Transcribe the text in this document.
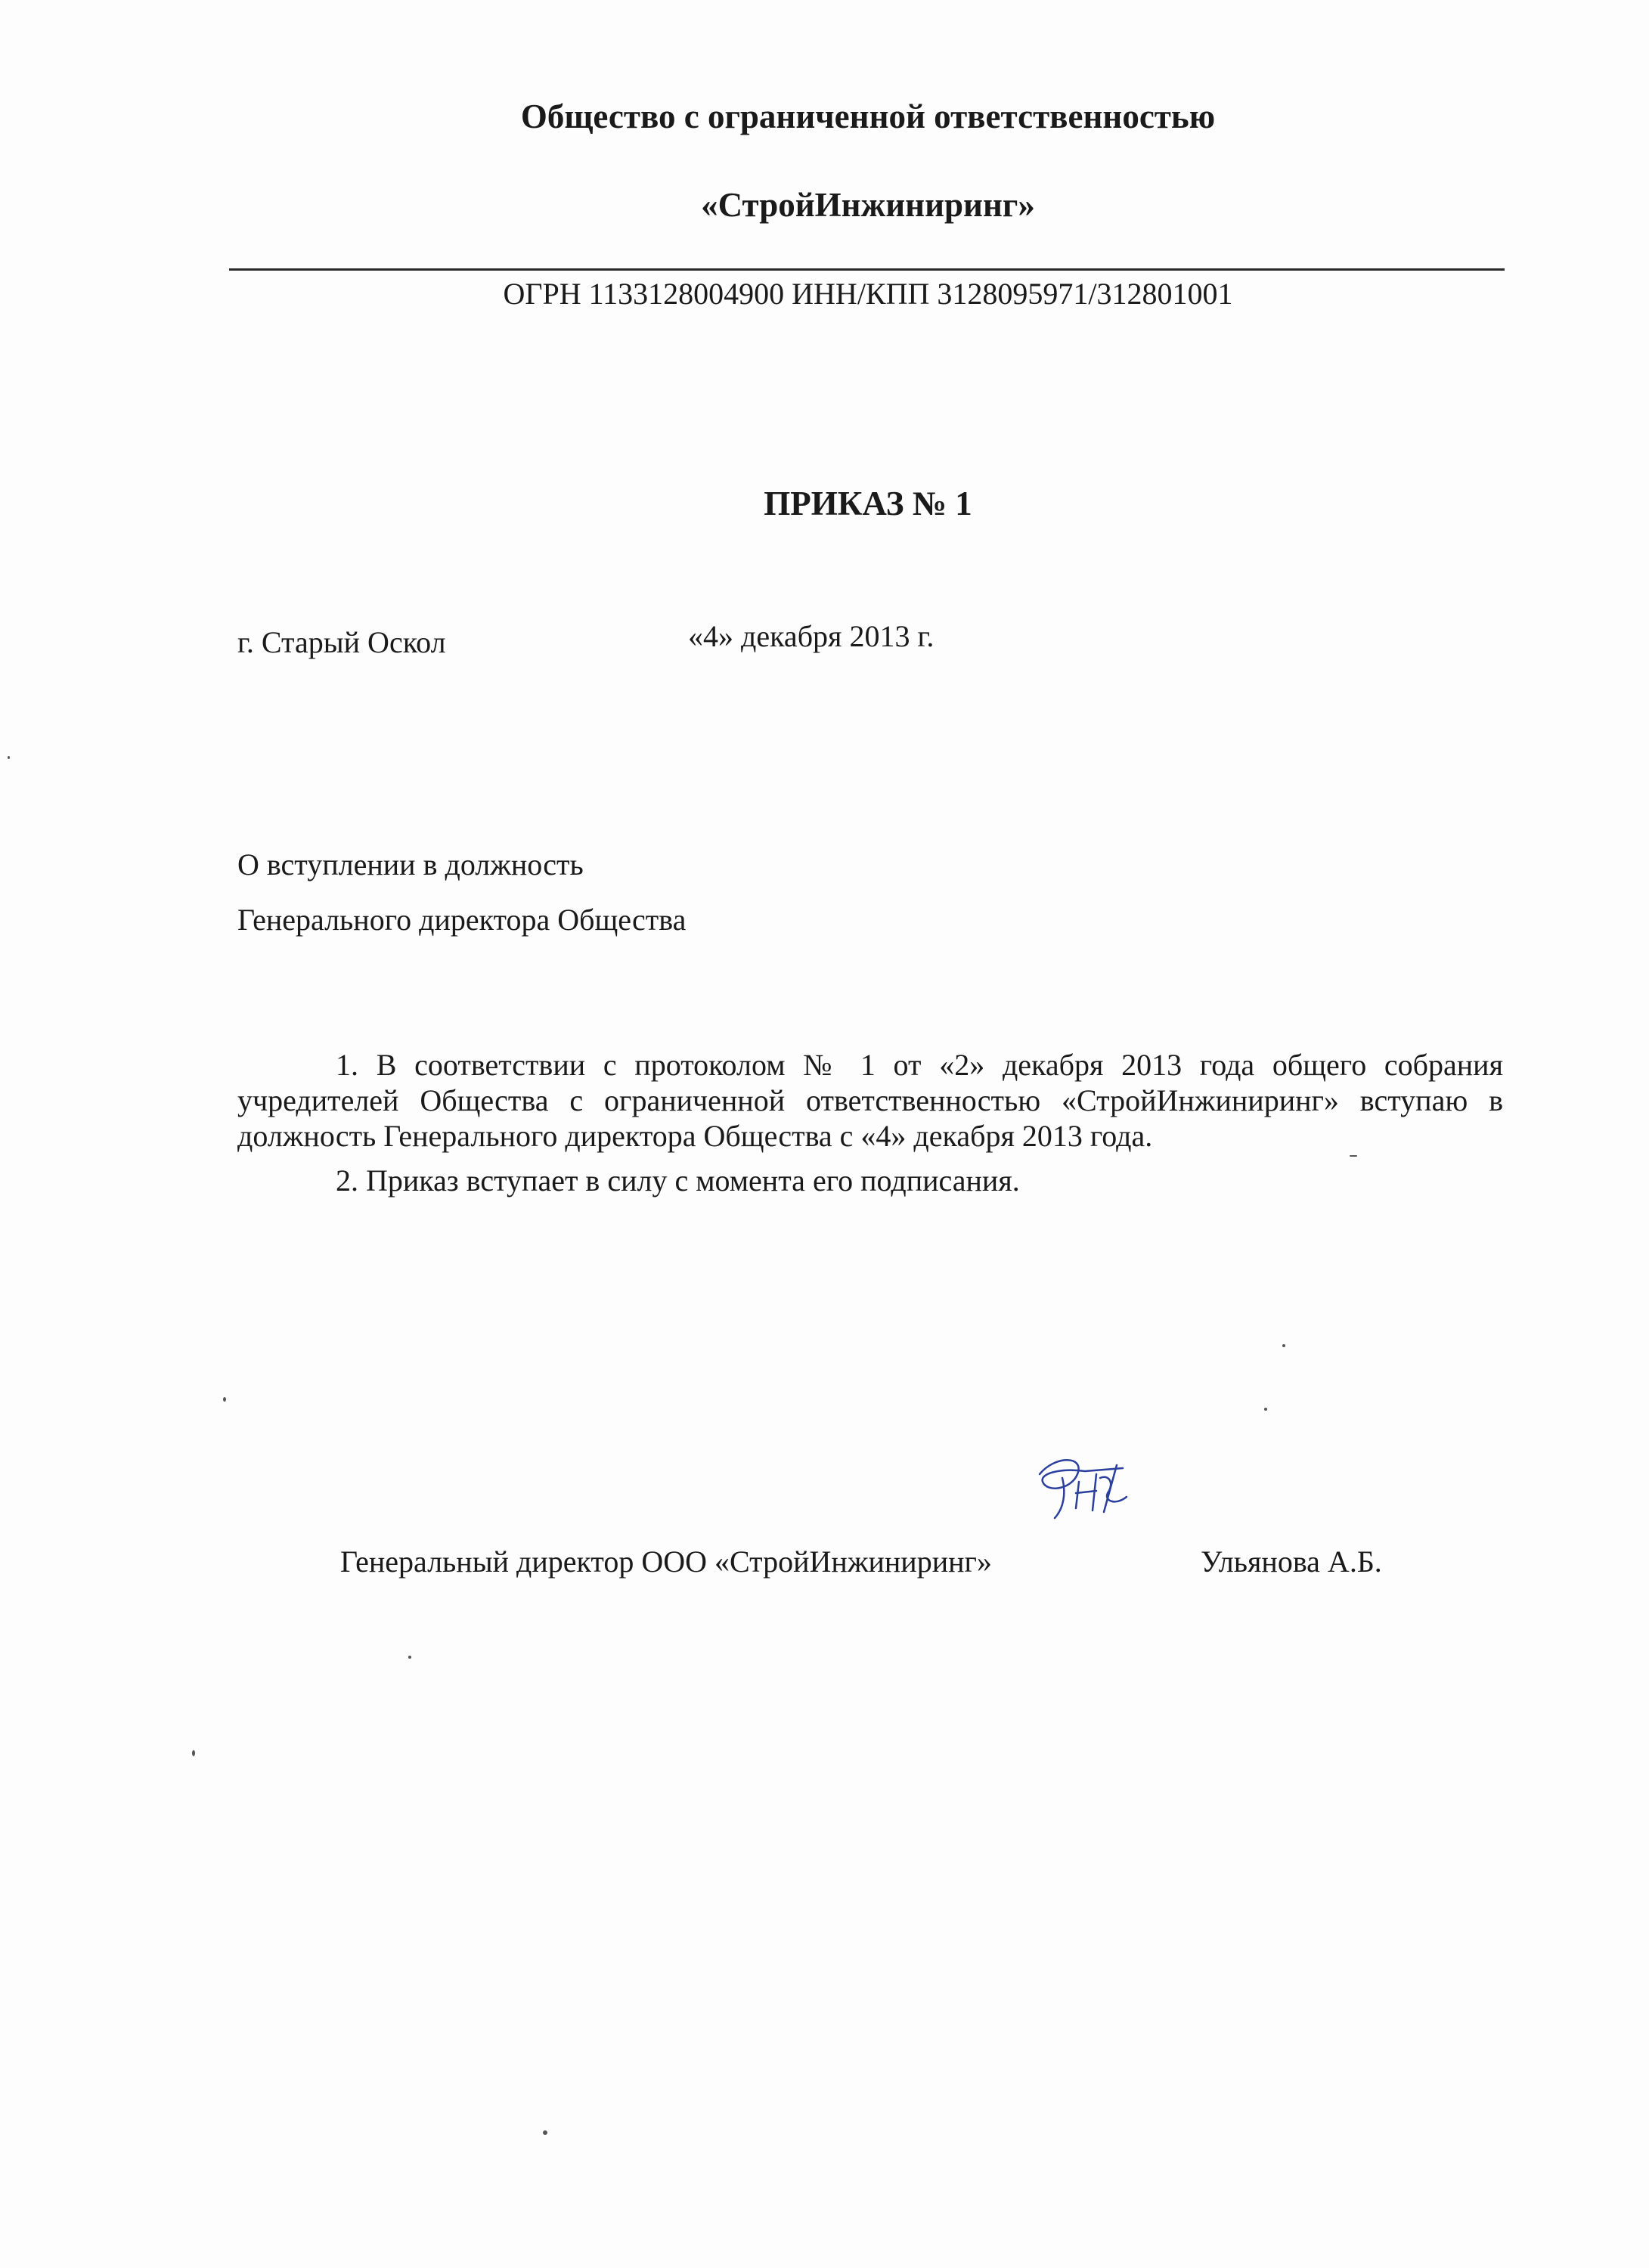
Общество с ограниченной ответственностью
«СтройИнжиниринг»
ОГРН 1133128004900 ИНН/КПП 3128095971/312801001
ПРИКАЗ № 1
г. Старый Оскол	«4» декабря 2013 г.
О вступлении в должность
Генерального директора Общества

1. В соответствии с протоколом № 1 от «2» декабря 2013 года общего собрания учредителей Общества с ограниченной ответственностью «СтройИнжиниринг» вступаю в должность Генерального директора Общества с «4» декабря 2013 года.

2. Приказ вступает в силу с момента его подписания.

Генеральный директор ООО «СтройИнжиниринг»	Ульянова А.Б.
